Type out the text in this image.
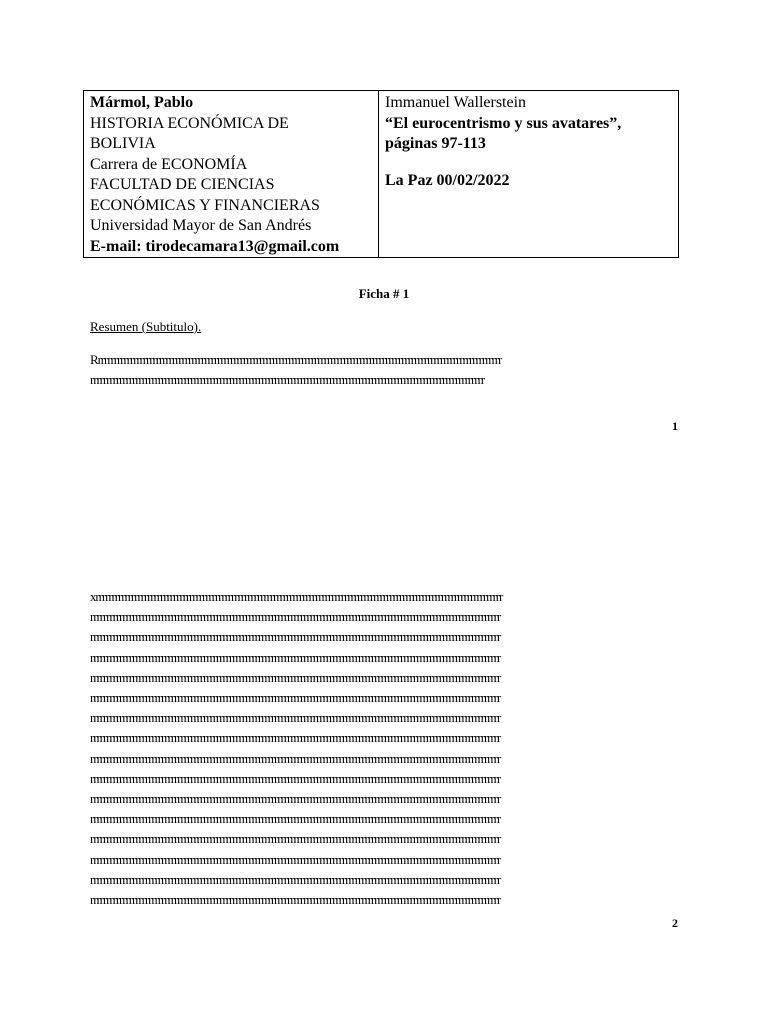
Mármol, Pablo
HISTORIA ECONÓMICA DE
BOLIVIA
Carrera de ECONOMÍA
FACULTAD DE CIENCIAS
ECONÓMICAS Y FINANCIERAS
Universidad Mayor de San Andrés
E-mail: tirodecamara13@gmail.com

Immanuel Wallerstein
“El eurocentrismo y sus avatares”,
páginas 97-113
La Paz 00/02/2022
Ficha # 1
Resumen (Subtitulo).
Rrrrrrrrrrrrrrrrrrrrrrrrrrrrrrrrrrrrrrrrrrrrrrrrrrrrrrrrrrrrrrrrrrrrrrrrrrrrrrrrrrrrrrrrrrrrrrrrrrrrrrrrrrrrrrrrrrrrrrrrrrrrrr
rrrrrrrrrrrrrrrrrrrrrrrrrrrrrrrrrrrrrrrrrrrrrrrrrrrrrrrrrrrrrrrrrrrrrrrrrrrrrrrrrrrrrrrrrrrrrrrrrrrrrrrrrrrrrrrrrrrrrrrrrr
1
xrrrrrrrrrrrrrrrrrrrrrrrrrrrrrrrrrrrrrrrrrrrrrrrrrrrrrrrrrrrrrrrrrrrrrrrrrrrrrrrrrrrrrrrrrrrrrrrrrrrrrrrrrrrrrrrrrrrrrrrrrrrrrr
rrrrrrrrrrrrrrrrrrrrrrrrrrrrrrrrrrrrrrrrrrrrrrrrrrrrrrrrrrrrrrrrrrrrrrrrrrrrrrrrrrrrrrrrrrrrrrrrrrrrrrrrrrrrrrrrrrrrrrrrrrrrrrr
rrrrrrrrrrrrrrrrrrrrrrrrrrrrrrrrrrrrrrrrrrrrrrrrrrrrrrrrrrrrrrrrrrrrrrrrrrrrrrrrrrrrrrrrrrrrrrrrrrrrrrrrrrrrrrrrrrrrrrrrrrrrrrr
rrrrrrrrrrrrrrrrrrrrrrrrrrrrrrrrrrrrrrrrrrrrrrrrrrrrrrrrrrrrrrrrrrrrrrrrrrrrrrrrrrrrrrrrrrrrrrrrrrrrrrrrrrrrrrrrrrrrrrrrrrrrrrr
rrrrrrrrrrrrrrrrrrrrrrrrrrrrrrrrrrrrrrrrrrrrrrrrrrrrrrrrrrrrrrrrrrrrrrrrrrrrrrrrrrrrrrrrrrrrrrrrrrrrrrrrrrrrrrrrrrrrrrrrrrrrrrr
rrrrrrrrrrrrrrrrrrrrrrrrrrrrrrrrrrrrrrrrrrrrrrrrrrrrrrrrrrrrrrrrrrrrrrrrrrrrrrrrrrrrrrrrrrrrrrrrrrrrrrrrrrrrrrrrrrrrrrrrrrrrrrr
rrrrrrrrrrrrrrrrrrrrrrrrrrrrrrrrrrrrrrrrrrrrrrrrrrrrrrrrrrrrrrrrrrrrrrrrrrrrrrrrrrrrrrrrrrrrrrrrrrrrrrrrrrrrrrrrrrrrrrrrrrrrrrr
rrrrrrrrrrrrrrrrrrrrrrrrrrrrrrrrrrrrrrrrrrrrrrrrrrrrrrrrrrrrrrrrrrrrrrrrrrrrrrrrrrrrrrrrrrrrrrrrrrrrrrrrrrrrrrrrrrrrrrrrrrrrrrr
rrrrrrrrrrrrrrrrrrrrrrrrrrrrrrrrrrrrrrrrrrrrrrrrrrrrrrrrrrrrrrrrrrrrrrrrrrrrrrrrrrrrrrrrrrrrrrrrrrrrrrrrrrrrrrrrrrrrrrrrrrrrrrr
rrrrrrrrrrrrrrrrrrrrrrrrrrrrrrrrrrrrrrrrrrrrrrrrrrrrrrrrrrrrrrrrrrrrrrrrrrrrrrrrrrrrrrrrrrrrrrrrrrrrrrrrrrrrrrrrrrrrrrrrrrrrrrr
rrrrrrrrrrrrrrrrrrrrrrrrrrrrrrrrrrrrrrrrrrrrrrrrrrrrrrrrrrrrrrrrrrrrrrrrrrrrrrrrrrrrrrrrrrrrrrrrrrrrrrrrrrrrrrrrrrrrrrrrrrrrrrr
rrrrrrrrrrrrrrrrrrrrrrrrrrrrrrrrrrrrrrrrrrrrrrrrrrrrrrrrrrrrrrrrrrrrrrrrrrrrrrrrrrrrrrrrrrrrrrrrrrrrrrrrrrrrrrrrrrrrrrrrrrrrrrr
rrrrrrrrrrrrrrrrrrrrrrrrrrrrrrrrrrrrrrrrrrrrrrrrrrrrrrrrrrrrrrrrrrrrrrrrrrrrrrrrrrrrrrrrrrrrrrrrrrrrrrrrrrrrrrrrrrrrrrrrrrrrrrr
rrrrrrrrrrrrrrrrrrrrrrrrrrrrrrrrrrrrrrrrrrrrrrrrrrrrrrrrrrrrrrrrrrrrrrrrrrrrrrrrrrrrrrrrrrrrrrrrrrrrrrrrrrrrrrrrrrrrrrrrrrrrrrr
rrrrrrrrrrrrrrrrrrrrrrrrrrrrrrrrrrrrrrrrrrrrrrrrrrrrrrrrrrrrrrrrrrrrrrrrrrrrrrrrrrrrrrrrrrrrrrrrrrrrrrrrrrrrrrrrrrrrrrrrrrrrrrr
rrrrrrrrrrrrrrrrrrrrrrrrrrrrrrrrrrrrrrrrrrrrrrrrrrrrrrrrrrrrrrrrrrrrrrrrrrrrrrrrrrrrrrrrrrrrrrrrrrrrrrrrrrrrrrrrrrrrrrrrrrrrrrr
2
